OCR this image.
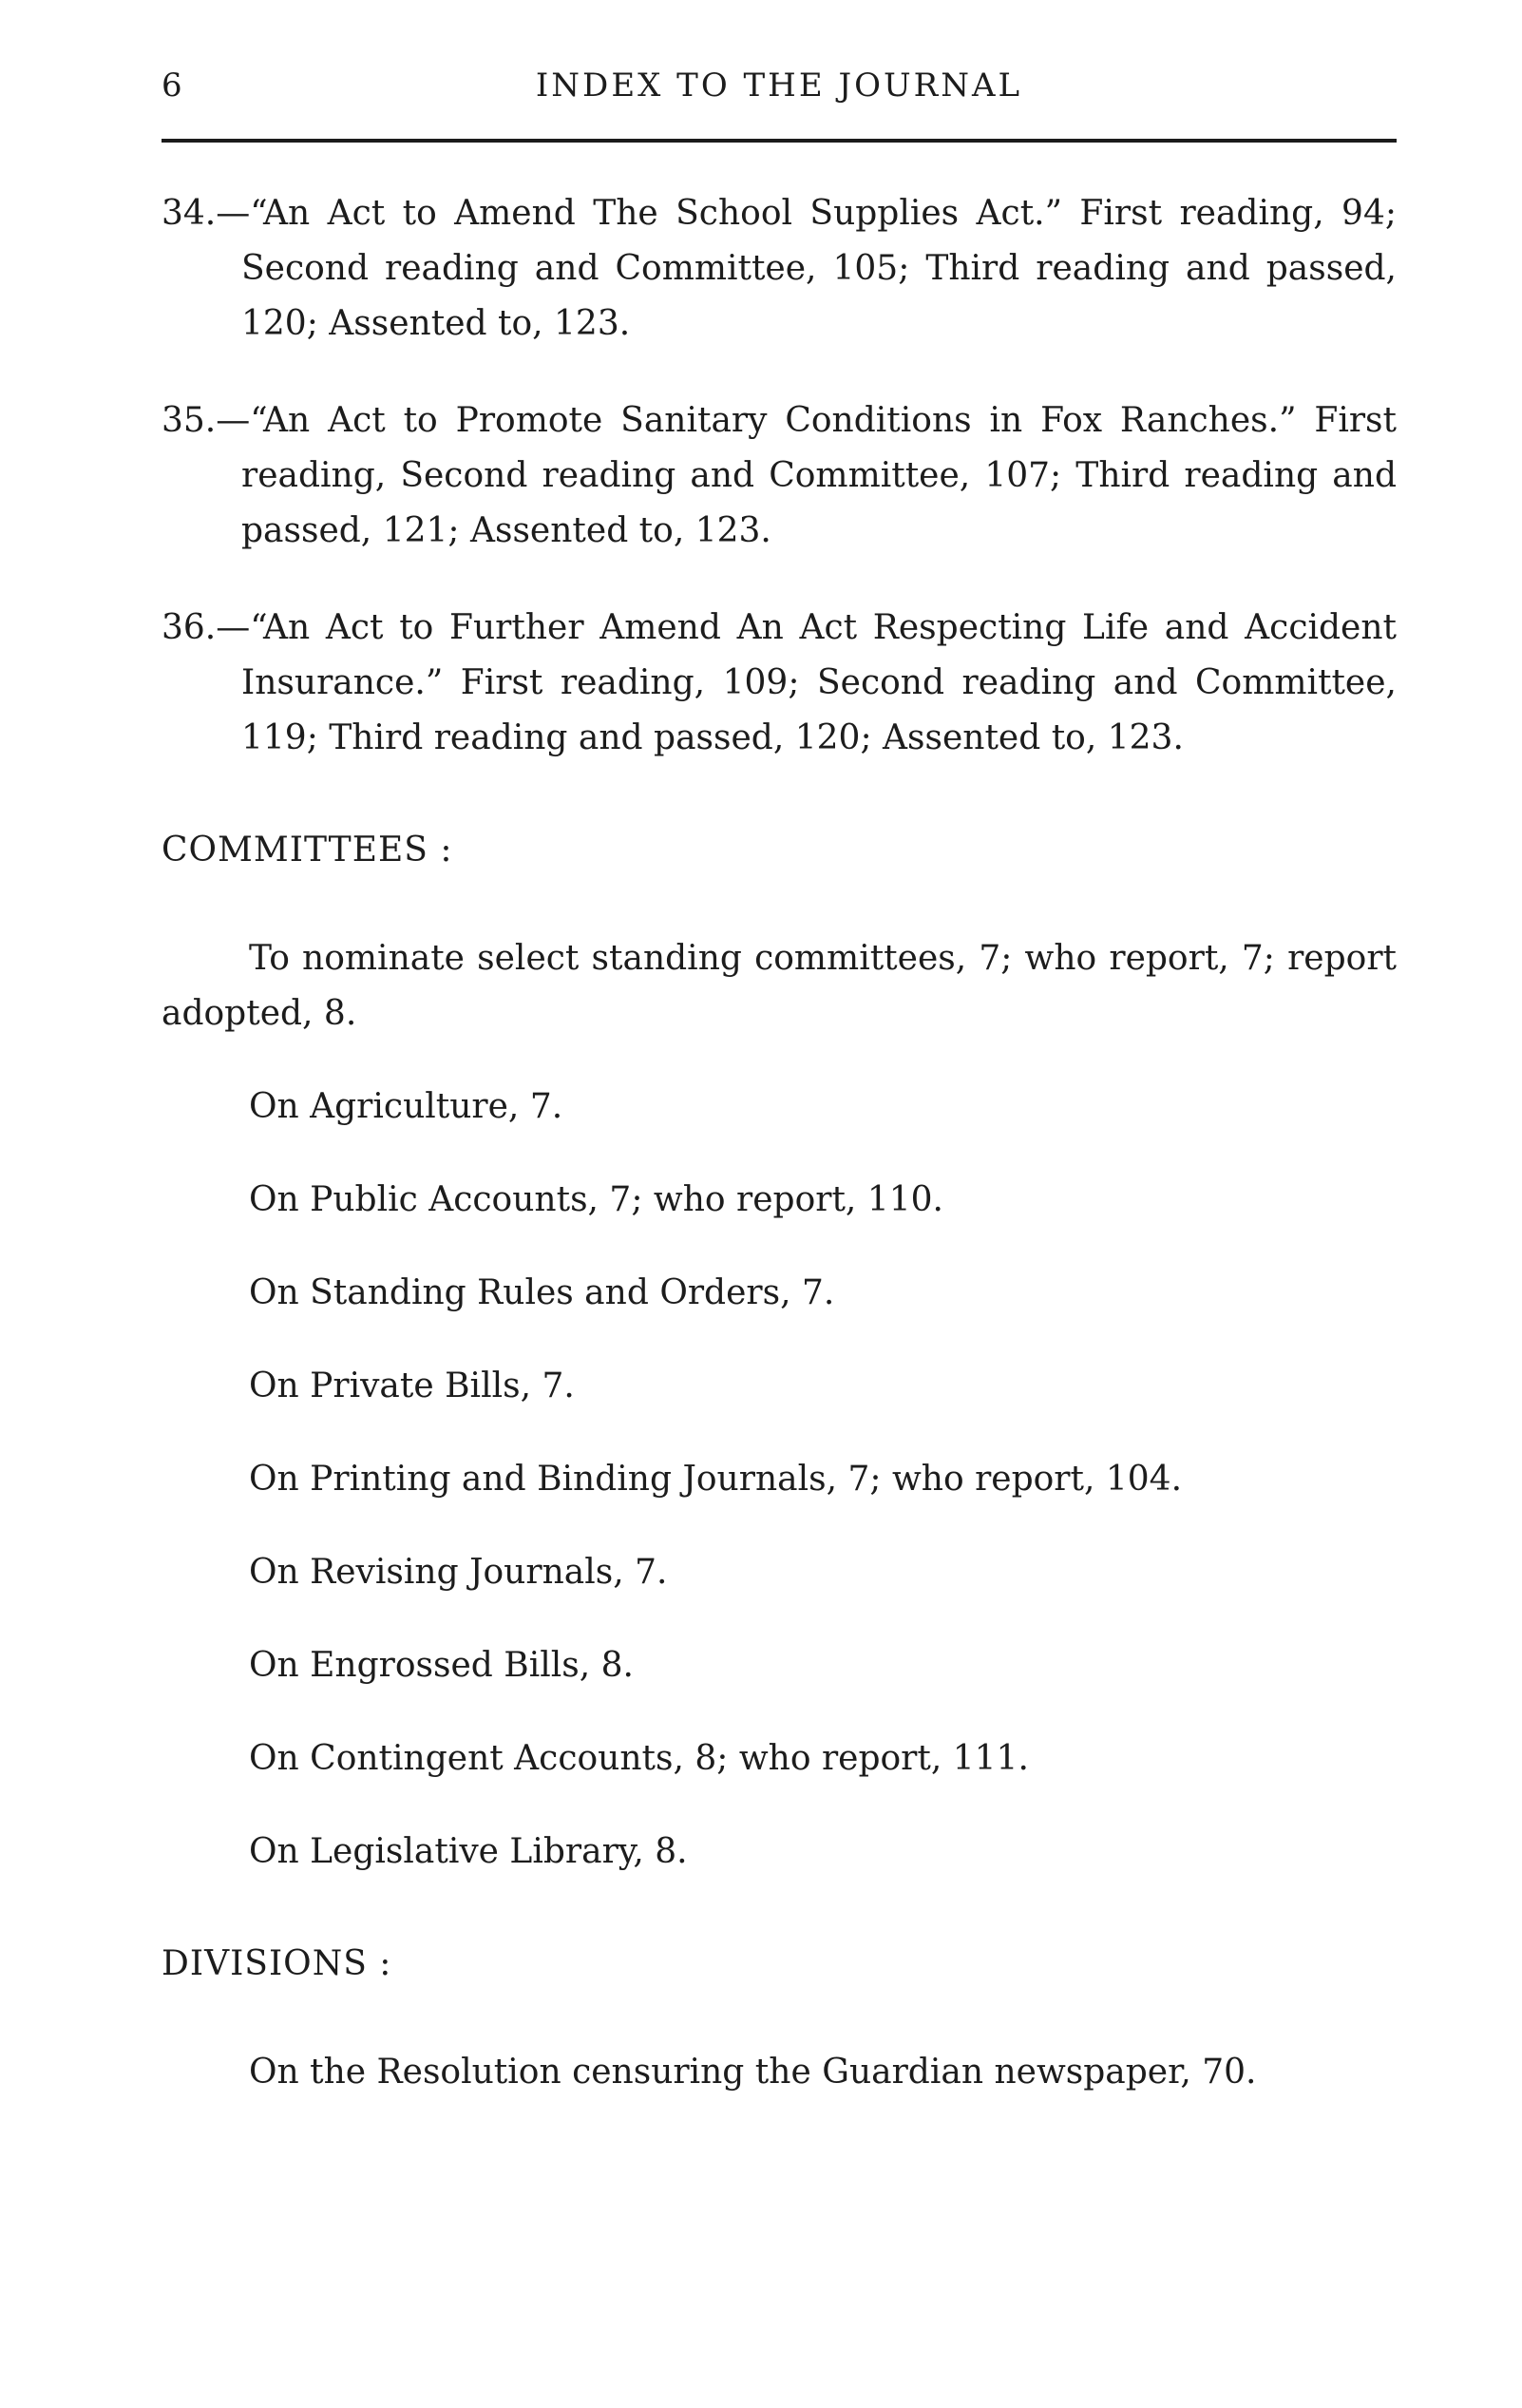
6	INDEX TO THE JOURNAL

34.—“An Act to Amend The School Supplies Act.” First reading, 94; Second reading and Committee, 105; Third reading and passed, 120; Assented to, 123.

35.—“An Act to Promote Sanitary Conditions in Fox Ranches.” First reading, Second reading and Committee, 107; Third reading and passed, 121; Assented to, 123.

36.—“An Act to Further Amend An Act Respecting Life and Accident Insurance.” First reading, 109; Second reading and Committee, 119; Third reading and passed, 120; Assented to, 123.

COMMITTEES :

To nominate select standing committees, 7; who report, 7; report adopted, 8.

On Agriculture, 7.
On Public Accounts, 7; who report, 110.
On Standing Rules and Orders, 7.
On Private Bills, 7.
On Printing and Binding Journals, 7; who report, 104.
On Revising Journals, 7.
On Engrossed Bills, 8.
On Contingent Accounts, 8; who report, 111.
On Legislative Library, 8.
DIVISIONS :
On the Resolution censuring the Guardian newspaper, 70.
